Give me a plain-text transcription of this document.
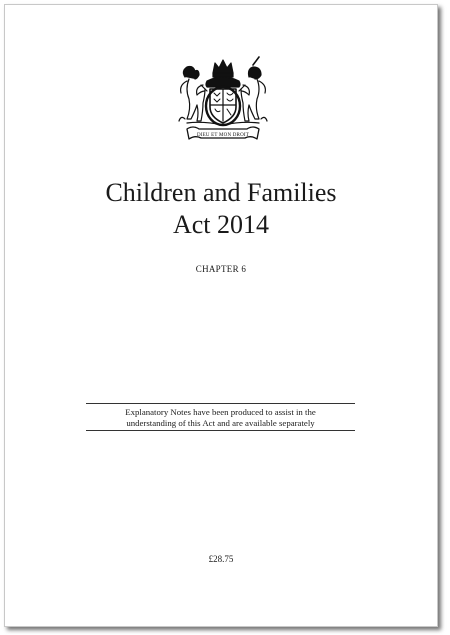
DIEU ET MON DROIT
Children and Families
Act 2014
CHAPTER 6
Explanatory Notes have been produced to assist in the
understanding of this Act and are available separately
£28.75
